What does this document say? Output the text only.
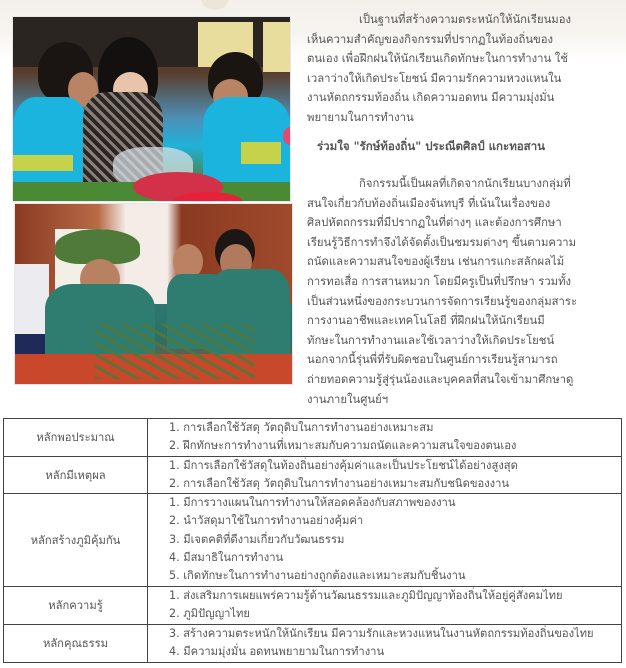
เป็นฐานที่สร้างความตระหนักให้นักเรียนมอง
เห็นความสำคัญของกิจกรรมที่ปรากฏในท้องถิ่นของ
ตนเอง เพื่อฝึกฝนให้นักเรียนเกิดทักษะในการทำงาน ใช้
เวลาว่างให้เกิดประโยชน์ มีความรักความหวงแหนใน
งานหัตถกรรมท้องถิ่น เกิดความอดทน มีความมุ่งมั่น
พยายามในการทำงาน
ร่วมใจ "รักษ์ท้องถิ่น" ประณีตศิลป์ แกะทอสาน
กิจกรรมนี้เป็นผลที่เกิดจากนักเรียนบางกลุ่มที่
สนใจเกี่ยวกับท้องถิ่นเมืองจันทบุรี ที่เน้นในเรื่องของ
ศิลปหัตถกรรมที่มีปรากฏในที่ต่างๆ และต้องการศึกษา
เรียนรู้วิธีการทำจึงได้จัดตั้งเป็นชมรมต่างๆ ขึ้นตามความ
ถนัดและความสนใจของผู้เรียน เช่นการแกะสลักผลไม้
การทอเสื่อ การสานหมวก โดยมีครูเป็นที่ปรึกษา รวมทั้ง
เป็นส่วนหนึ่งของกระบวนการจัดการเรียนรู้ของกลุ่มสาระ
การงานอาชีพและเทคโนโลยี ที่ฝึกฝนให้นักเรียนมี
ทักษะในการทำงานและใช้เวลาว่างให้เกิดประโยชน์
นอกจากนี้รุ่นพี่ที่รับผิดชอบในศูนย์การเรียนรู้สามารถ
ถ่ายทอดความรู้สู่รุ่นน้องและบุคคลที่สนใจเข้ามาศึกษาดู
งานภายในศูนย์ฯ
หลักพอประมาณ	1. การเลือกใช้วัสดุ วัตถุดิบในการทำงานอย่างเหมาะสม
2. ฝึกทักษะการทำงานที่เหมาะสมกับความถนัดและความสนใจของตนเอง

หลักมีเหตุผล	1. มีการเลือกใช้วัสดุในท้องถิ่นอย่างคุ้มค่าและเป็นประโยชน์ได้อย่างสูงสุด
2. การเลือกใช้วัสดุ วัตถุดิบในการทำงานอย่างเหมาะสมกับชนิดของงาน

หลักสร้างภูมิคุ้มกัน	1. มีการวางแผนในการทำงานให้สอดคล้องกับสภาพของงาน
2. นำวัสดุมาใช้ในการทำงานอย่างคุ้มค่า
3. มีเจตคติที่ดีงามเกี่ยวกับวัฒนธรรม
4. มีสมาธิในการทำงาน
5. เกิดทักษะในการทำงานอย่างถูกต้องและเหมาะสมกับชิ้นงาน

หลักความรู้	1. ส่งเสริมการเผยแพร่ความรู้ด้านวัฒนธรรมและภูมิปัญญาท้องถิ่นให้อยู่คู่สังคมไทย
2. ภูมิปัญญาไทย

หลักคุณธรรม	3. สร้างความตระหนักให้นักเรียน มีความรักและหวงแหนในงานหัตถกรรมท้องถิ่นของไทย
4. มีความมุ่งมั่น อดทนพยายามในการทำงาน
